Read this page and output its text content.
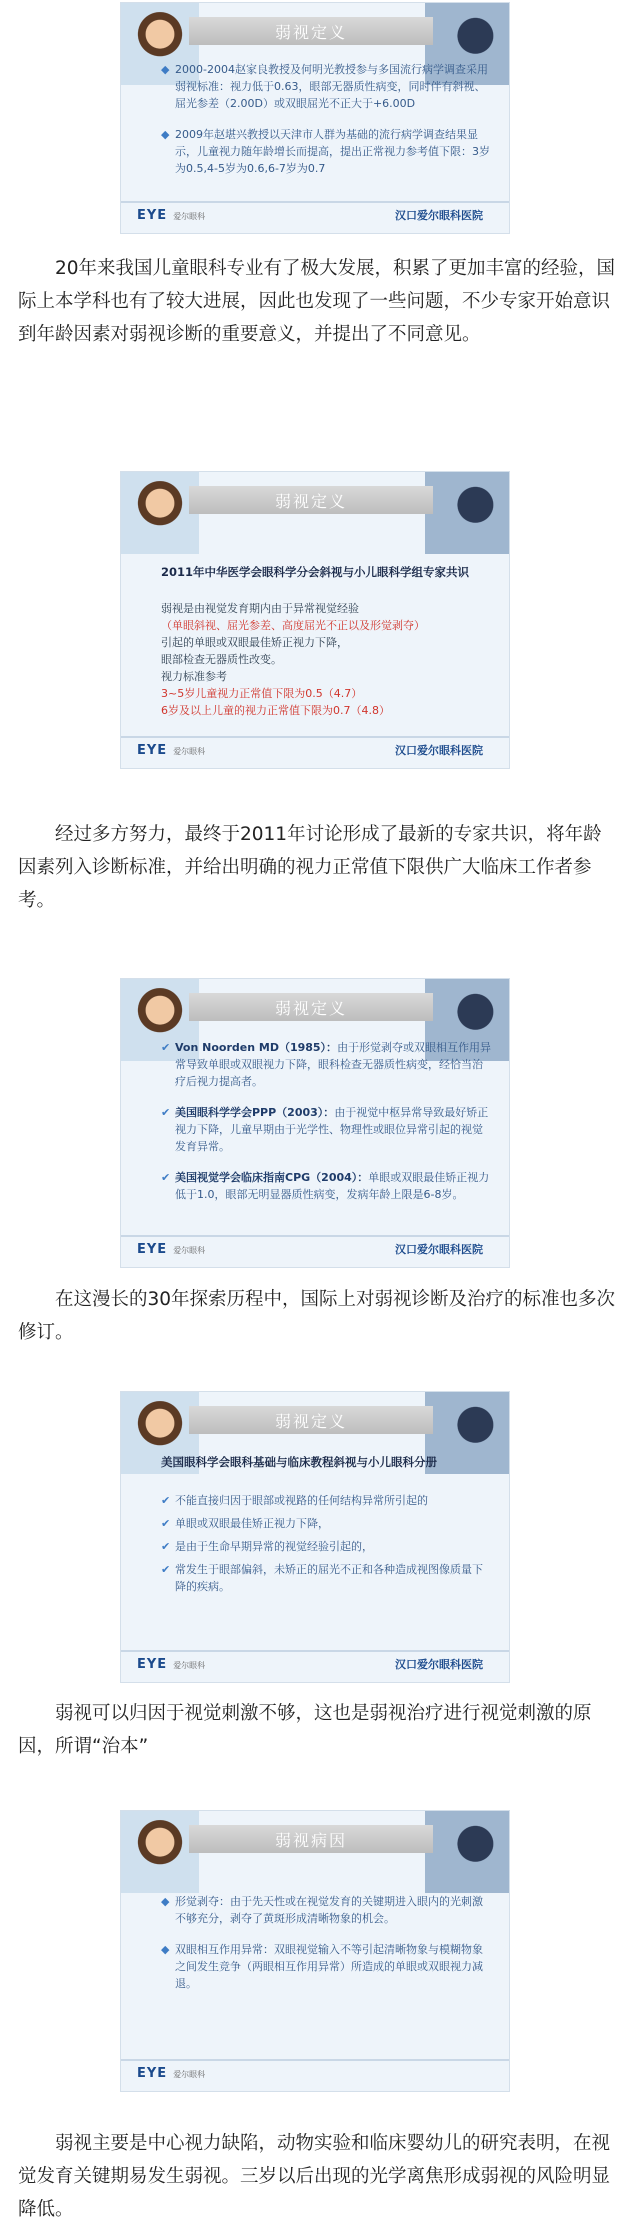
弱视定义
◆ 2000-2004赵家良教授及何明光教授参与多国流行病学调查采用弱视标准：视力低于0.63，眼部无器质性病变，同时伴有斜视、屈光参差（2.00D）或双眼屈光不正大于+6.00D
◆ 2009年赵堪兴教授以天津市人群为基础的流行病学调查结果显示，儿童视力随年龄增长而提高，提出正常视力参考值下限：3岁为0.5,4-5岁为0.6,6-7岁为0.7
EYE 爱尔眼科	汉口爱尔眼科医院
20年来我国儿童眼科专业有了极大发展，积累了更加丰富的经验，国际上本学科也有了较大进展，因此也发现了一些问题，不少专家开始意识到年龄因素对弱视诊断的重要意义，并提出了不同意见。
弱视定义
2011年中华医学会眼科学分会斜视与小儿眼科学组专家共识
弱视是由视觉发育期内由于异常视觉经验
（单眼斜视、屈光参差、高度屈光不正以及形觉剥夺）
引起的单眼或双眼最佳矫正视力下降，
眼部检查无器质性改变。
视力标准参考
3~5岁儿童视力正常值下限为0.5（4.7）
6岁及以上儿童的视力正常值下限为0.7（4.8）
EYE 爱尔眼科	汉口爱尔眼科医院
经过多方努力，最终于2011年讨论形成了最新的专家共识，将年龄因素列入诊断标准，并给出明确的视力正常值下限供广大临床工作者参考。
弱视定义
✔ Von Noorden MD（1985）：由于形觉剥夺或双眼相互作用异常导致单眼或双眼视力下降，眼科检查无器质性病变，经恰当治疗后视力提高者。
✔ 美国眼科学学会PPP（2003）：由于视觉中枢异常导致最好矫正视力下降，儿童早期由于光学性、物理性或眼位异常引起的视觉发育异常。
✔ 美国视觉学会临床指南CPG（2004）：单眼或双眼最佳矫正视力低于1.0，眼部无明显器质性病变，发病年龄上限是6-8岁。
EYE 爱尔眼科	汉口爱尔眼科医院
在这漫长的30年探索历程中，国际上对弱视诊断及治疗的标准也多次修订。
弱视定义
美国眼科学会眼科基础与临床教程斜视与小儿眼科分册
✔ 不能直接归因于眼部或视路的任何结构异常所引起的
✔ 单眼或双眼最佳矫正视力下降，
✔ 是由于生命早期异常的视觉经验引起的，
✔ 常发生于眼部偏斜，未矫正的屈光不正和各种造成视图像质量下降的疾病。
EYE 爱尔眼科	汉口爱尔眼科医院
弱视可以归因于视觉刺激不够，这也是弱视治疗进行视觉刺激的原因，所谓“治本”
弱视病因
◆ 形觉剥夺：由于先天性或在视觉发育的关键期进入眼内的光刺激不够充分，剥夺了黄斑形成清晰物象的机会。
◆ 双眼相互作用异常：双眼视觉输入不等引起清晰物象与模糊物象之间发生竞争（两眼相互作用异常）所造成的单眼或双眼视力减退。
EYE 爱尔眼科
弱视主要是中心视力缺陷，动物实验和临床婴幼儿的研究表明，在视觉发育关键期易发生弱视。三岁以后出现的光学离焦形成弱视的风险明显降低。
